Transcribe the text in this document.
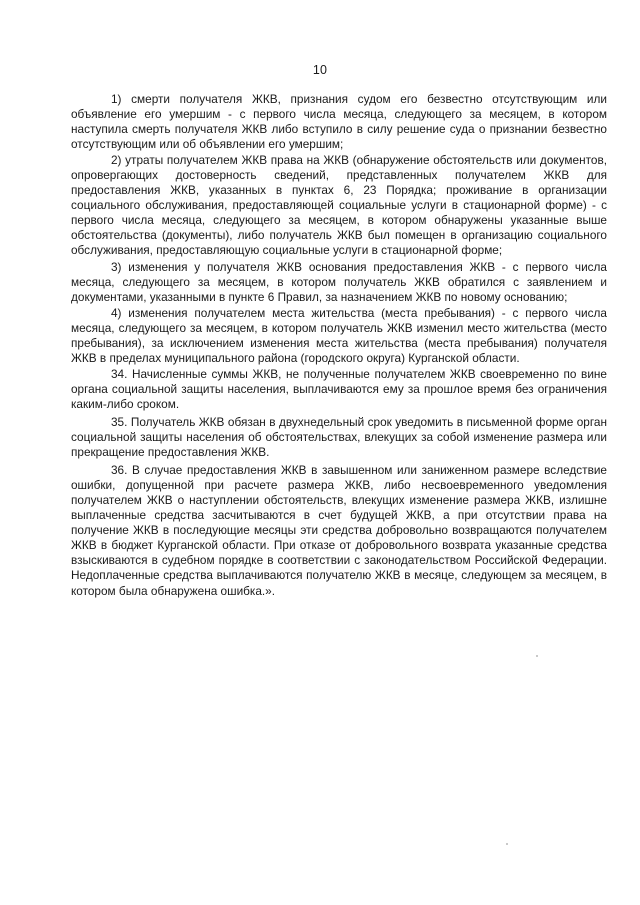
10

1) смерти получателя ЖКВ, признания судом его безвестно отсутствующим или объявление его умершим - с первого числа месяца, следующего за месяцем, в котором наступила смерть получателя ЖКВ либо вступило в силу решение суда о признании безвестно отсутствующим или об объявлении его умершим;

2) утраты получателем ЖКВ права на ЖКВ (обнаружение обстоятельств или документов, опровергающих достоверность сведений, представленных получателем ЖКВ для предоставления ЖКВ, указанных в пунктах 6, 23 Порядка; проживание в организации социального обслуживания, предоставляющей социальные услуги в стационарной форме) - с первого числа месяца, следующего за месяцем, в котором обнаружены указанные выше обстоятельства (документы), либо получатель ЖКВ был помещен в организацию социального обслуживания, предоставляющую социальные услуги в стационарной форме;

3) изменения у получателя ЖКВ основания предоставления ЖКВ - с первого числа месяца, следующего за месяцем, в котором получатель ЖКВ обратился с заявлением и документами, указанными в пункте 6 Правил, за назначением ЖКВ по новому основанию;

4) изменения получателем места жительства (места пребывания) - с первого числа месяца, следующего за месяцем, в котором получатель ЖКВ изменил место жительства (место пребывания), за исключением изменения места жительства (места пребывания) получателя ЖКВ в пределах муниципального района (городского округа) Курганской области.

34. Начисленные суммы ЖКВ, не полученные получателем ЖКВ своевременно по вине органа социальной защиты населения, выплачиваются ему за прошлое время без ограничения каким-либо сроком.

35. Получатель ЖКВ обязан в двухнедельный срок уведомить в письменной форме орган социальной защиты населения об обстоятельствах, влекущих за собой изменение размера или прекращение предоставления ЖКВ.

36. В случае предоставления ЖКВ в завышенном или заниженном размере вследствие ошибки, допущенной при расчете размера ЖКВ, либо несвоевременного уведомления получателем ЖКВ о наступлении обстоятельств, влекущих изменение размера ЖКВ, излишне выплаченные средства засчитываются в счет будущей ЖКВ, а при отсутствии права на получение ЖКВ в последующие месяцы эти средства добровольно возвращаются получателем ЖКВ в бюджет Курганской области. При отказе от добровольного возврата указанные средства взыскиваются в судебном порядке в соответствии с законодательством Российской Федерации. Недоплаченные средства выплачиваются получателю ЖКВ в месяце, следующем за месяцем, в котором была обнаружена ошибка.».
